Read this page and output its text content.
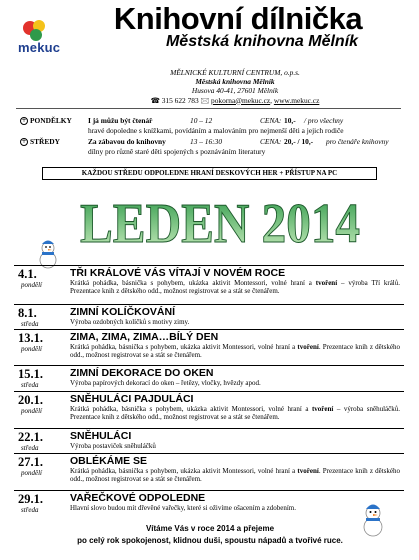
mekuc
Knihovní dílnička
Městská knihovna Mělník
MĚLNICKÉ KULTURNÍ CENTRUM, o.p.s.
Městská knihovna Mělník
Husova 40-41, 27601 Mělník
☎ 315 622 783 🖂 pokorna@mekuc.cz, www.mekuc.cz
+ PONDĚLKY I já můžu být čtenář	10 – 12	CENA: 10,- / pro všechny
hravé dopoledne s knížkami, povídáním a malováním pro nejmenší děti a jejich rodiče
+ STŘEDY	Za zábavou do knihovny	13 – 16:30	CENA: 20,- / 10,- pro čtenáře knihovny
dílny pro různě staré děti spojených s poznáváním literatury
KAŽDOU STŘEDU ODPOLEDNE HRANÍ DESKOVÝCH HER + PŘÍSTUP NA PC
LEDEN 2014
4.1.
pondělí
TŘI KRÁLOVÉ VÁS VÍTAJÍ V NOVÉM ROCE
Krátká pohádka, básnička s pohybem, ukázka aktivit Montessori, volné hraní a tvoření – výroba Tří králů. Prezentace knih z dětského odd., možnost registrovat se a stát se čtenářem.
8.1.
středa
ZIMNÍ KOLÍČKOVÁNÍ
Výroba ozdobných kolíčků s motivy zimy.
13.1.
pondělí
ZIMA, ZIMA, ZIMA…BÍLÝ DEN
Krátká pohádka, básnička s pohybem, ukázka aktivit Montessori, volné hraní a tvoření. Prezentace knih z dětského odd., možnost registrovat se a stát se čtenářem.
15.1.
středa
ZIMNÍ DEKORACE DO OKEN
Výroba papírových dekorací do oken – řetězy, vločky, hvězdy apod.
20.1.
pondělí
SNĚHULÁCI PAJDULÁCI
Krátká pohádka, básnička s pohybem, ukázka aktivit Montessori, volné hraní a tvoření – výroba sněhuláčků. Prezentace knih z dětského odd., možnost registrovat se a stát se čtenářem.
22.1.
středa
SNĚHULÁCI
Výroba postaviček sněhuláčků
27.1.
pondělí
OBLÉKÁME SE
Krátká pohádka, básnička s pohybem, ukázka aktivit Montessori, volné hraní a tvoření. Prezentace knih z dětského odd., možnost registrovat se a stát se čtenářem.
29.1.
středa
VAŘEČKOVÉ ODPOLEDNE
Hlavní slovo budou mít dřevěné vařečky, které si oživíme ošacením a zdobením.
Vítáme Vás v roce 2014 a přejeme
po celý rok spokojenost, klidnou duši, spoustu nápadů a tvořivé ruce.
